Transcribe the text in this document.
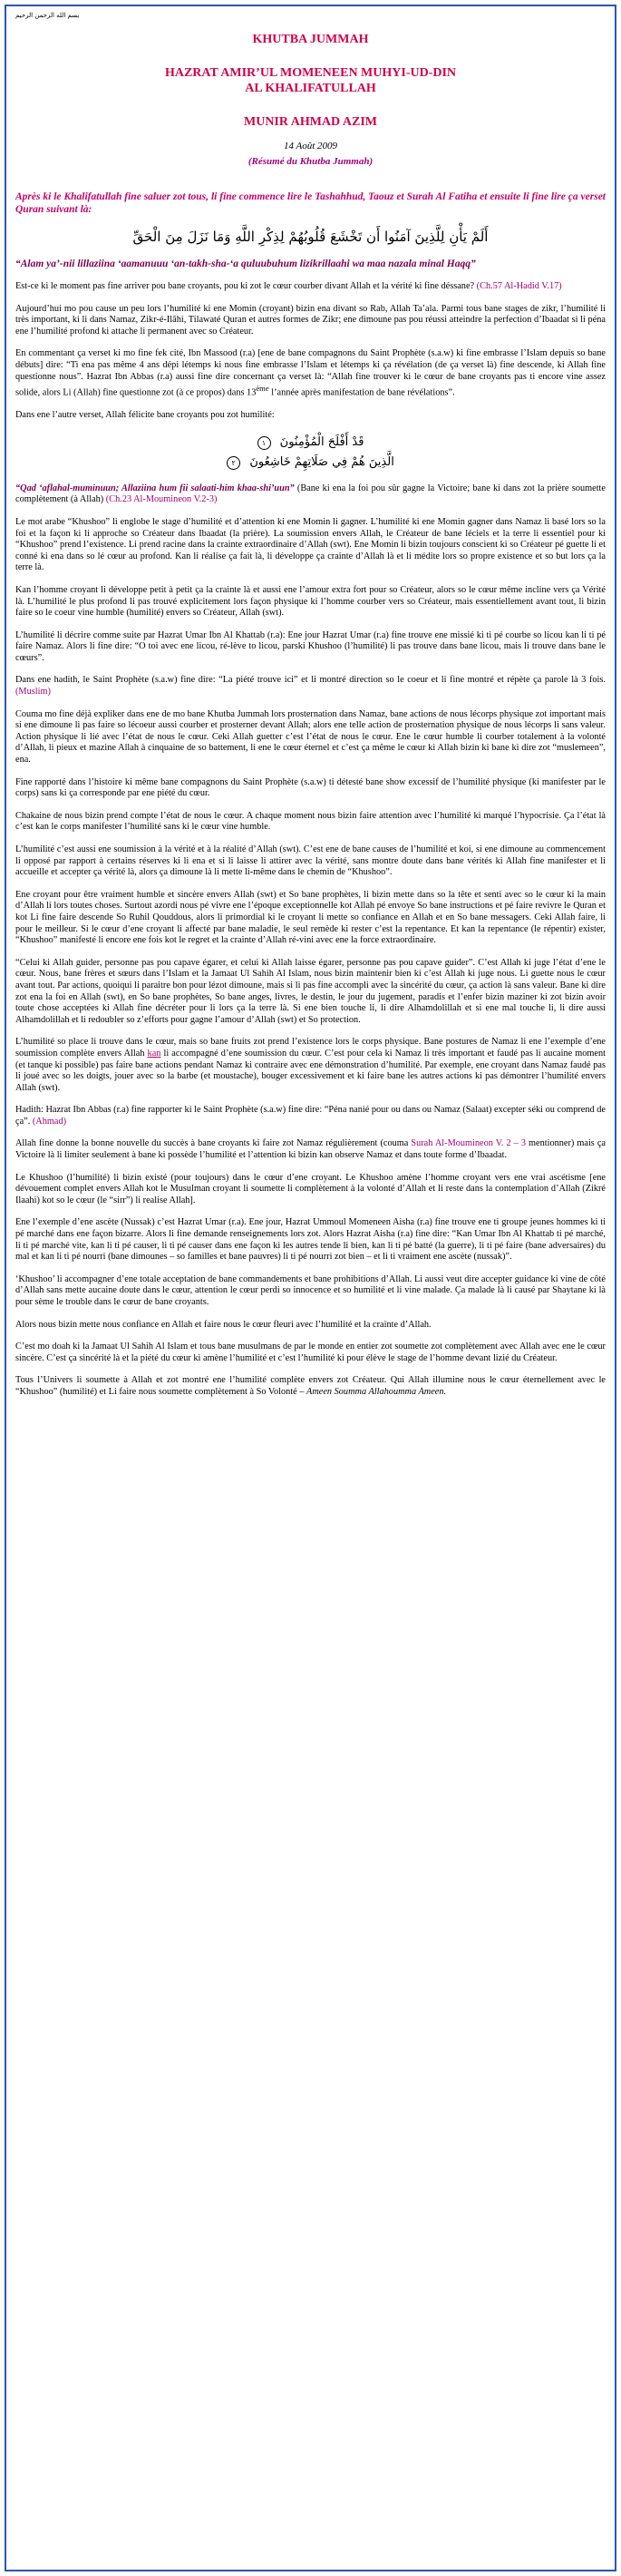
بسم الله الرحمن الرحيم
KHUTBA JUMMAH
HAZRAT AMIR’UL MOMENEEN MUHYI-UD-DIN
AL KHALIFATULLAH
MUNIR AHMAD AZIM
14 Août 2009
(Résumé du Khutba Jummah)
Après ki le Khalifatullah fine saluer zot tous, li fine commence lire le Tashahhud, Taouz et Surah Al Fatiha et ensuite li fine lire ça verset Quran suivant là:
أَلَمْ يَأْنِ لِلَّذِينَ آمَنُوا أَن تَخْشَعَ قُلُوبُهُمْ لِذِكْرِ اللَّهِ وَمَا نَزَلَ مِنَ الْحَقِّ
“Alam ya’-nii lillaziina ‘aamanuuu ‘an-takh-sha-‘a quluubuhum lizikrillaahi wa maa nazala minal Haqq”

Est-ce ki le moment pas fine arriver pou bane croyants, pou ki zot le cœur courber divant Allah et la vérité ki fine déssane? (Ch.57 Al-Hadid V.17)

Aujourd’hui mo pou cause un peu lors l’humilité ki ene Momin (croyant) bizin ena divant so Rab, Allah Ta’ala. Parmi tous bane stages de zikr, l’humilité li très important, ki li dans Namaz, Zikr-é-Ilâhi, Tilawaté Quran et autres formes de Zikr; ene dimoune pas pou réussi atteindre la perfection d’Ibaadat si li péna ene l’humilité profond ki attache li permanent avec so Créateur.

En commentant ça verset ki mo fine fek cité, Ibn Massood (r.a) [ene de bane compagnons du Saint Prophète (s.a.w) ki fine embrasse l’Islam depuis so bane débuts] dire: “Ti ena pas même 4 ans dépi létemps ki nous fine embrasse l’Islam et létemps ki ça révélation (de ça verset là) fine descende, ki Allah fine questionne nous”. Hazrat Ibn Abbas (r.a) aussi fine dire concernant ça verset là: “Allah fine trouver ki le cœur de bane croyants pas ti encore vine assez solide, alors Li (Allah) fine questionne zot (à ce propos) dans 13ème l’année après manifestation de bane révélations”.

Dans ene l’autre verset, Allah félicite bane croyants pou zot humilité:

قَدْ أَفْلَحَ الْمُؤْمِنُونَ ١
الَّذِينَ هُمْ فِي صَلَاتِهِمْ خَاشِعُونَ ٢

“Qad ‘aflahal-muminuun; Allaziina hum fii salaati-him khaa-shi’uun” (Bane ki ena la foi pou sûr gagne la Victoire; bane ki dans zot la prière soumette complètement (à Allah) (Ch.23 Al-Moumineon V.2-3)

Le mot arabe “Khushoo” li englobe le stage d’humilité et d’attention ki ene Momin li gagner. L’humilité ki ene Momin gagner dans Namaz li basé lors so la foi et la façon ki li approche so Créateur dans Ibaadat (la prière). La soumission envers Allah, le Créateur de bane léciels et la terre li essentiel pour ki “Khushoo” prend l’existence. Li prend racine dans la crainte extraordinaire d’Allah (swt). Ene Momin li bizin toujours conscient ki so Créateur pé guette li et conné ki ena dans so lé cœur au profond. Kan li réalise ça fait là, li développe ça crainte d’Allah là et li médite lors so propre existence et so but lors ça la terre là.

Kan l’homme croyant li développe petit à petit ça la crainte là et aussi ene l’amour extra fort pour so Créateur, alors so le cœur même incline vers ça Vérité là. L’humilité le plus profond li pas trouvé explicitement lors façon physique ki l’homme courber vers so Créateur, mais essentiellement avant tout, li bizin faire so le coeur vine humble (humilité) envers so Créateur, Allah (swt).

L’humilité li décrire comme suite par Hazrat Umar Ibn Al Khattab (r.a): Ene jour Hazrat Umar (r.a) fine trouve ene missié ki ti pé courbe so licou kan li ti pé faire Namaz. Alors li fine dire: “O toi avec ene licou, ré-lève to licou, parski Khushoo (l’humilité) li pas trouve dans bane licou, mais li trouve dans bane le cœurs”.

Dans ene hadith, le Saint Prophète (s.a.w) fine dire: “La piété trouve ici” et li montré direction so le coeur et li fine montré et répète ça parole là 3 fois. (Muslim)

Couma mo fine déjà expliker dans ene de mo bane Khutba Jummah lors prosternation dans Namaz, bane actions de nous lécorps physique zot important mais si ene dimoune li pas faire so lécoeur aussi courber et prosterner devant Allah; alors ene telle action de prosternation physique de nous lécorps li sans valeur. Action physique li lié avec l’état de nous le cœur. Ceki Allah guetter c’est l’état de nous le cœur. Ene le cœur humble li courber totalement à la volonté d’Allah, li pieux et mazine Allah à cinquaine de so battement, li ene le cœur éternel et c’est ça même le cœur ki Allah bizin ki bane ki dire zot “muslemeen”, ena.

Fine rapporté dans l’histoire ki même bane compagnons du Saint Prophète (s.a.w) ti détesté bane show excessif de l’humilité physique (ki manifester par le corps) sans ki ça corresponde par ene piété du cœur.

Chakaine de nous bizin prend compte l’état de nous le cœur. A chaque moment nous bizin faire attention avec l’humilité ki marqué l’hypocrisie. Ça l’état là c’est kan le corps manifester l’humilité sans ki le cœur vine humble.

L’humilité c’est aussi ene soumission à la vérité et à la réalité d’Allah (swt). C’est ene de bane causes de l’humilité et koi, si ene dimoune au commencement li opposé par rapport à certains réserves ki li ena et si li laisse li attirer avec la vérité, sans montre doute dans bane vérités ki Allah fine manifester et li accueille et accepter ça vérité là, alors ça dimoune là li mette li-même dans le chemin de “Khushoo”.

Ene croyant pour être vraiment humble et sincère envers Allah (swt) et So bane prophètes, li bizin mette dans so la tête et senti avec so le cœur ki la main d’Allah li lors toutes choses. Surtout azordi nous pé vivre ene l’époque exceptionnelle kot Allah pé envoye So bane instructions et pé faire revivre le Quran et kot Li fine faire descende So Ruhil Qouddous, alors li primordial ki le croyant li mette so confiance en Allah et en So bane messagers. Ceki Allah faire, li pour le meilleur. Si le cœur d’ene croyant li affecté par bane maladie, le seul remède ki rester c’est la repentance. Et kan la repentance (le répentir) exister, “Khushoo” manifesté li encore ene fois kot le regret et la crainte d’Allah ré-vini avec ene la force extraordinaire.

“Celui ki Allah guider, personne pas pou capave égarer, et celui ki Allah laisse égarer, personne pas pou capave guider”. C’est Allah ki juge l’état d’ene le cœur. Nous, bane frères et sœurs dans l’Islam et la Jamaat Ul Sahih Al Islam, nous bizin maintenir bien ki c’est Allah ki juge nous. Li guette nous le cœur avant tout. Par actions, quoiqui li paraitre bon pour lézot dimoune, mais si li pas fine accompli avec la sincérité du cœur, ça action là sans valeur. Bane ki dire zot ena la foi en Allah (swt), en So bane prophètes, So bane anges, livres, le destin, le jour du jugement, paradis et l’enfer bizin maziner ki zot bizin avoir toute chose acceptées ki Allah fine décréter pour li lors ça la terre là. Si ene bien touche li, li dire Alhamdolillah et si ene mal touche li, li dire aussi Alhamdolillah et li redoubler so z’efforts pour gagne l’amour d’Allah (swt) et So protection.

L’humilité so place li trouve dans le cœur, mais so bane fruits zot prend l’existence lors le corps physique. Bane postures de Namaz li ene l’exemple d’ene soumission complète envers Allah kan li accompagné d’ene soumission du cœur. C’est pour cela ki Namaz li très important et faudé pas li aucaine moment (et tanque ki possible) pas faire bane actions pendant Namaz ki contraire avec ene démonstration d’humilité. Par exemple, ene croyant dans Namaz faudé pas li joué avec so les doigts, jouer avec so la barbe (et moustache), bouger excessivement et ki faire bane les autres actions ki pas démontrer l’humilité envers Allah (swt).

Hadith: Hazrat Ibn Abbas (r.a) fine rapporter ki le Saint Prophète (s.a.w) fine dire: “Péna nanié pour ou dans ou Namaz (Salaat) excepter séki ou comprend de ça”. (Ahmad)

Allah fine donne la bonne nouvelle du succès à bane croyants ki faire zot Namaz régulièrement (couma Surah Al-Moumineon V. 2 – 3 mentionner) mais ça Victoire là li limiter seulement à bane ki possède l’humilité et l’attention ki bizin kan observe Namaz et dans toute forme d’Ibaadat.

Le Khushoo (l’humilité) li bizin existé (pour toujours) dans le cœur d’ene croyant. Le Khushoo amène l’homme croyant vers ene vrai ascétisme [ene dévouement complet envers Allah kot le Musulman croyant li soumette li complètement à la volonté d’Allah et li reste dans la contemplation d’Allah (Zikré Ilaahi) kot so le cœur (le “sirr”) li realise Allah].

Ene l’exemple d’ene ascète (Nussak) c’est Hazrat Umar (r.a). Ene jour, Hazrat Ummoul Momeneen Aisha (r.a) fine trouve ene ti groupe jeunes hommes ki ti pé marché dans ene façon bizarre. Alors li fine demande renseignements lors zot. Alors Hazrat Aisha (r.a) fine dire: “Kan Umar Ibn Al Khattab ti pé marché, li ti pé marché vite, kan li ti pé causer, li ti pé causer dans ene façon ki les autres tende li bien, kan li ti pé batté (la guerre), li ti pé faire (bane adversaires) du mal et kan li ti pé nourri (bane dimounes – so familles et bane pauvres) li ti pé nourri zot bien – et li ti vraiment ene ascète (nussak)”.

‘Khushoo’ li accompagner d’ene totale acceptation de bane commandements et bane prohibitions d’Allah. Li aussi veut dire accepter guidance ki vine de côté d’Allah sans mette aucaine doute dans le cœur, attention le cœur perdi so innocence et so humilité et li vine malade. Ça malade là li causé par Shaytane ki là pour sème le trouble dans le cœur de bane croyants.

Alors nous bizin mette nous confiance en Allah et faire nous le cœur fleuri avec l’humilité et la crainte d’Allah.

C’est mo doah ki la Jamaat Ul Sahih Al Islam et tous bane musulmans de par le monde en entier zot soumette zot complètement avec Allah avec ene le cœur sincère. C’est ça sincérité là et la piété du cœur ki amène l’humilité et c’est l’humilité ki pour élève le stage de l’homme devant lizié du Créateur.

Tous l’Univers li soumette à Allah et zot montré ene l’humilité complète envers zot Créateur. Qui Allah illumine nous le cœur éternellement avec le “Khushoo” (humilité) et Li faire nous soumette complètement à So Volonté – Ameen Soumma Allahoumma Ameen.
